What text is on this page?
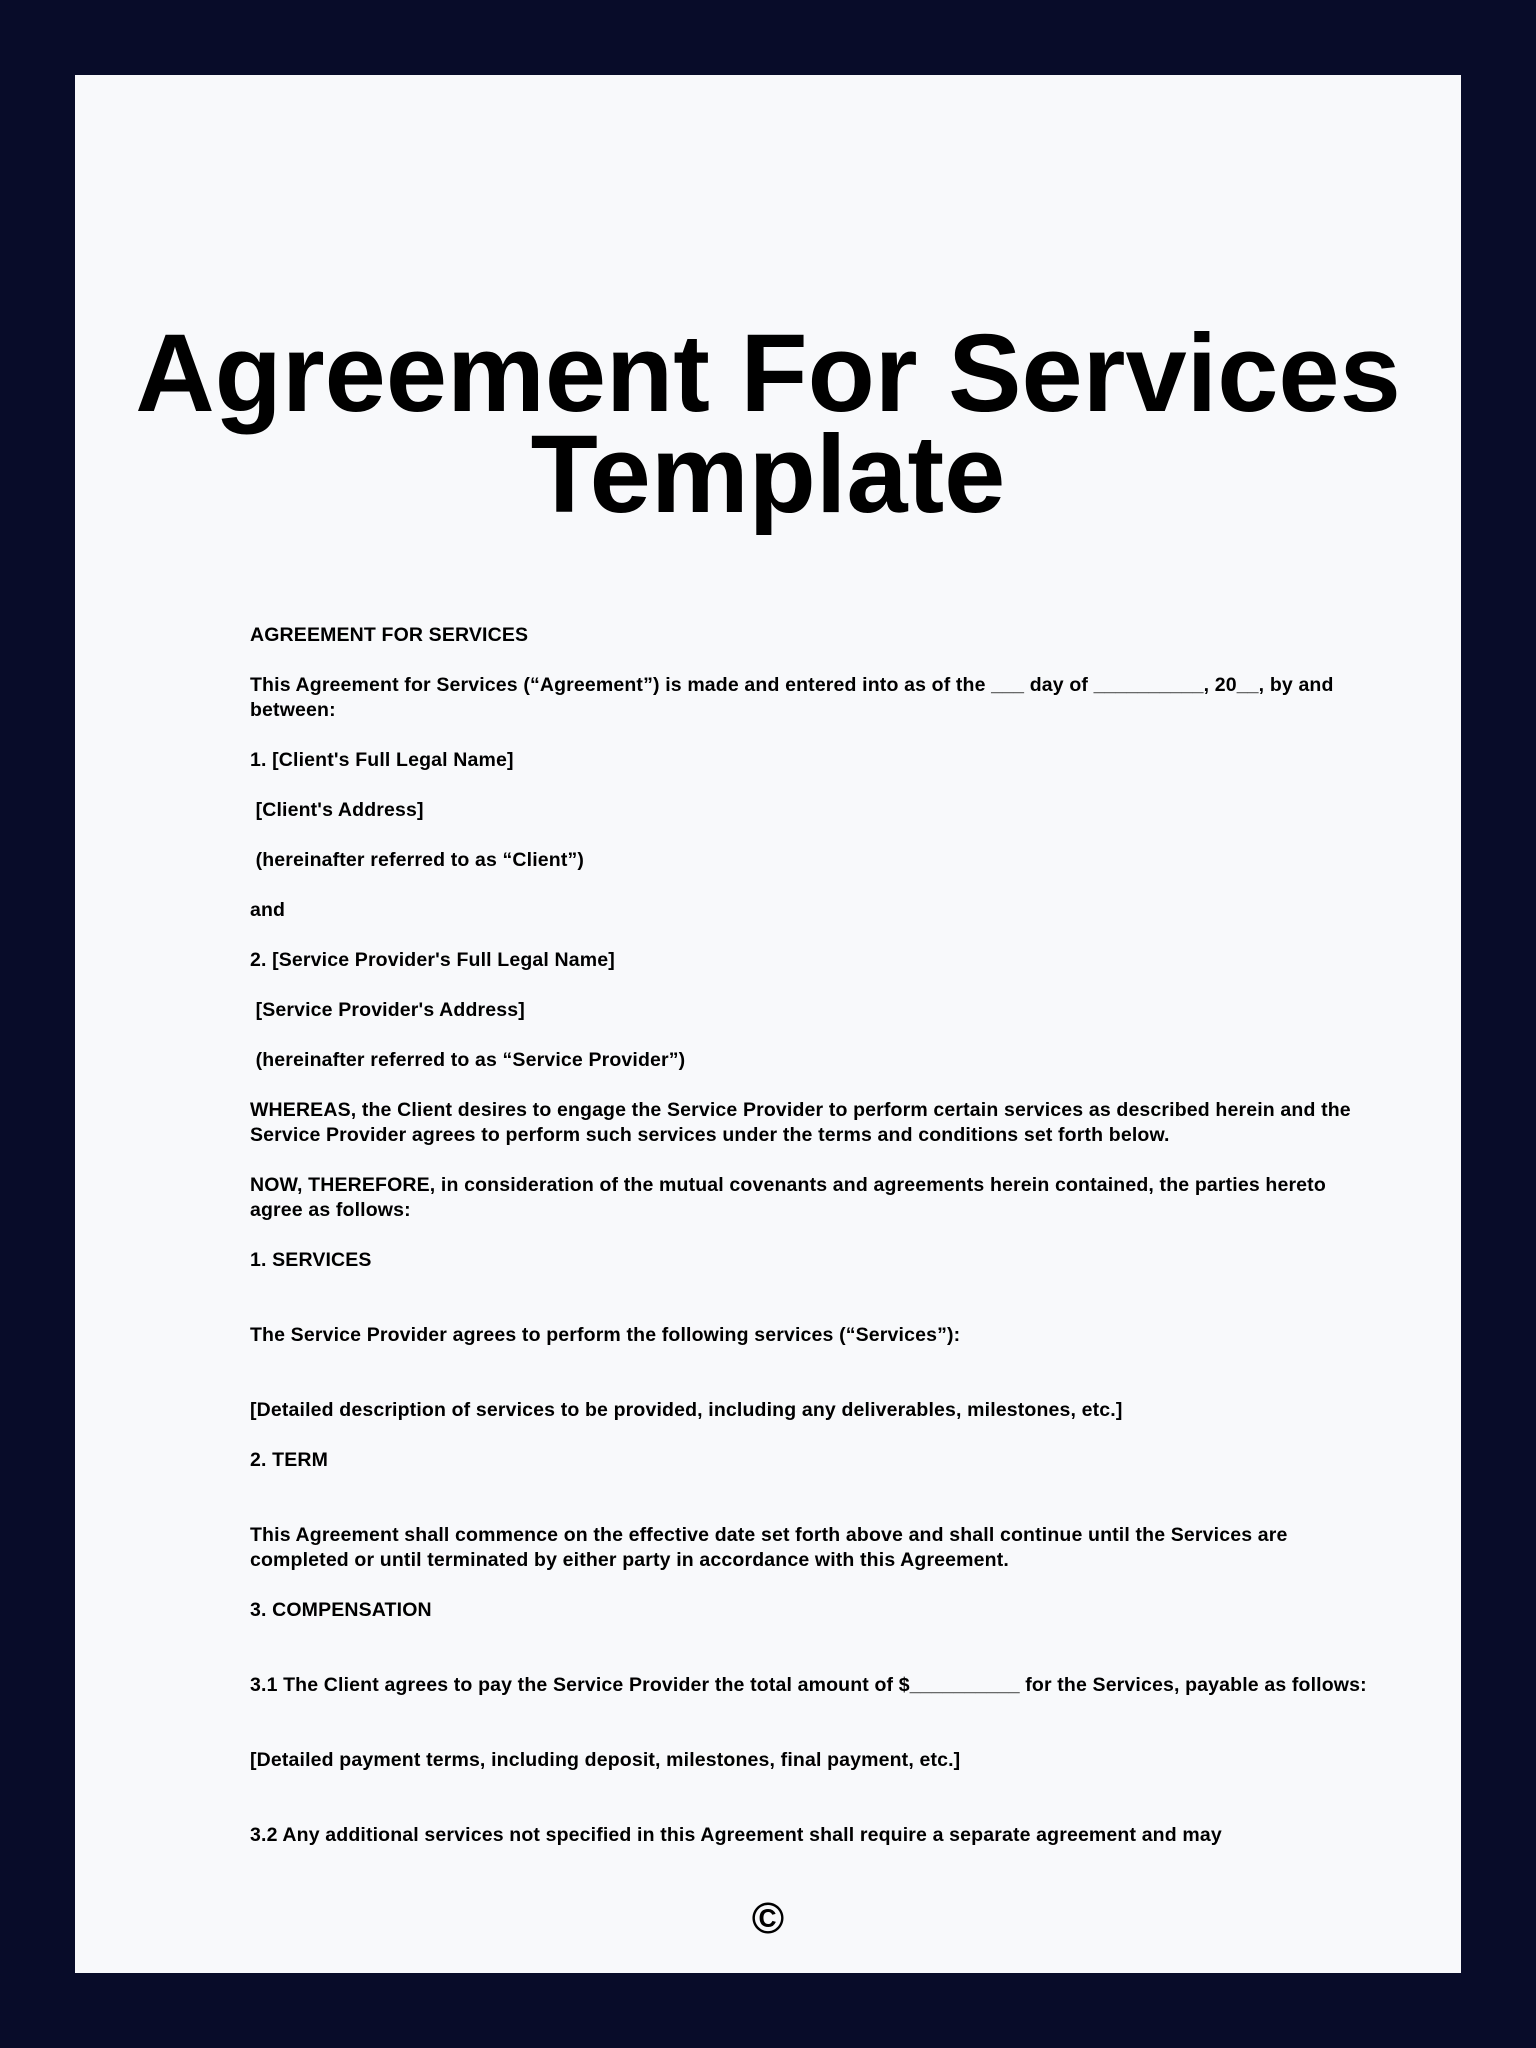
Agreement For Services
Template

AGREEMENT FOR SERVICES

This Agreement for Services (“Agreement”) is made and entered into as of the ___ day of __________, 20__, by and between:

1. [Client's Full Legal Name]

[Client's Address]

(hereinafter referred to as “Client”)

and

2. [Service Provider's Full Legal Name]

[Service Provider's Address]

(hereinafter referred to as “Service Provider”)

WHEREAS, the Client desires to engage the Service Provider to perform certain services as described herein and the Service Provider agrees to perform such services under the terms and conditions set forth below.

NOW, THEREFORE, in consideration of the mutual covenants and agreements herein contained, the parties hereto agree as follows:

1. SERVICES

The Service Provider agrees to perform the following services (“Services”):

[Detailed description of services to be provided, including any deliverables, milestones, etc.]

2. TERM

This Agreement shall commence on the effective date set forth above and shall continue until the Services are completed or until terminated by either party in accordance with this Agreement.

3. COMPENSATION

3.1 The Client agrees to pay the Service Provider the total amount of $__________ for the Services, payable as follows:

[Detailed payment terms, including deposit, milestones, final payment, etc.]

3.2 Any additional services not specified in this Agreement shall require a separate agreement and may

©
